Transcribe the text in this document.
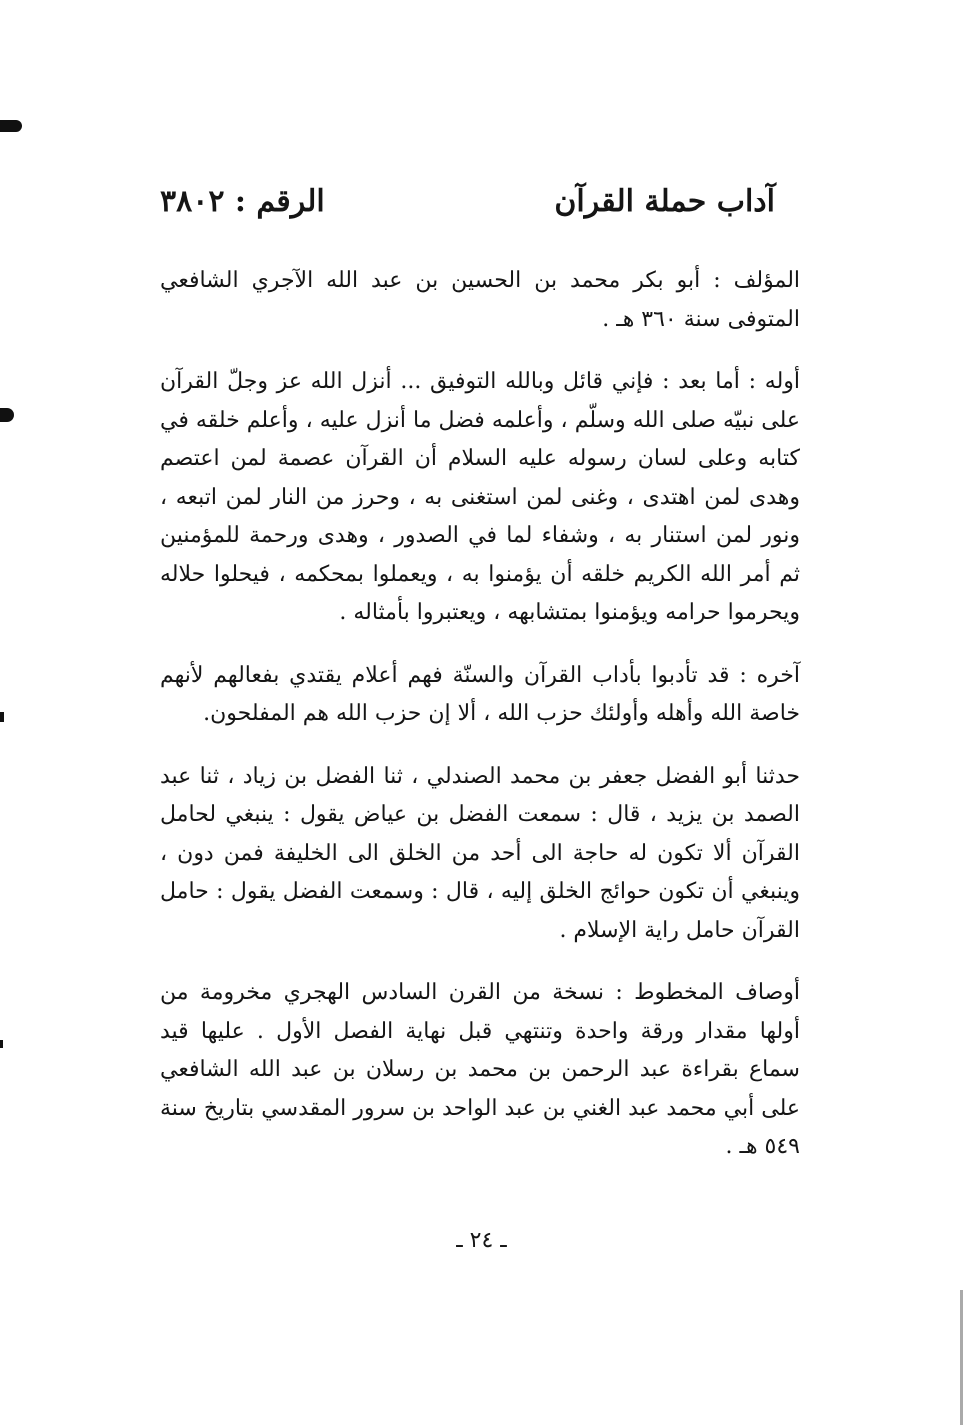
آداب حملة القرآن
الرقم : ٣٨٠٢

المؤلف : أبو بكر محمد بن الحسين بن عبد الله الآجري الشافعي المتوفى سنة ٣٦٠ هـ .

أوله : أما بعد : فإني قائل وبالله التوفيق ... أنزل الله عز وجلّ القرآن على نبيّه صلى الله وسلّم ، وأعلمه فضل ما أنزل عليه ، وأعلم خلقه في كتابه وعلى لسان رسوله عليه السلام أن القرآن عصمة لمن اعتصم وهدى لمن اهتدى ، وغنى لمن استغنى به ، وحرز من النار لمن اتبعه ، ونور لمن استنار به ، وشفاء لما في الصدور ، وهدى ورحمة للمؤمنين ثم أمر الله الكريم خلقه أن يؤمنوا به ، ويعملوا بمحكمه ، فيحلوا حلاله ويحرموا حرامه ويؤمنوا بمتشابهه ، ويعتبروا بأمثاله .

آخره : قد تأدبوا بأداب القرآن والسنّة فهم أعلام يقتدي بفعالهم لأنهم خاصة الله وأهله وأولئك حزب الله ، ألا إن حزب الله هم المفلحون.

حدثنا أبو الفضل جعفر بن محمد الصندلي ، ثنا الفضل بن زياد ، ثنا عبد الصمد بن يزيد ، قال : سمعت الفضل بن عياض يقول : ينبغي لحامل القرآن ألا تكون له حاجة الى أحد من الخلق الى الخليفة فمن دون ، وينبغي أن تكون حوائج الخلق إليه ، قال : وسمعت الفضل يقول : حامل القرآن حامل راية الإسلام .

أوصاف المخطوط : نسخة من القرن السادس الهجري مخرومة من أولها مقدار ورقة واحدة وتنتهي قبل نهاية الفصل الأول . عليها قيد سماع بقراءة عبد الرحمن بن محمد بن رسلان بن عبد الله الشافعي على أبي محمد عبد الغني بن عبد الواحد بن سرور المقدسي بتاريخ سنة ٥٤٩ هـ .

ـ ٢٤ ـ
